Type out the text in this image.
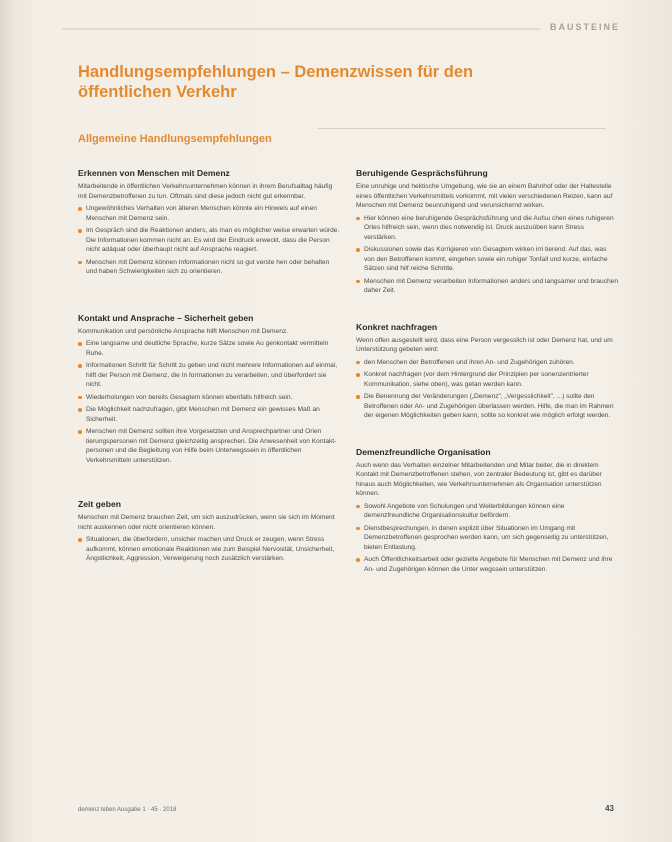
BAUSTEINE
Handlungsempfehlungen – Demenzwissen für den öffentlichen Verkehr
Allgemeine Handlungsempfehlungen
Erkennen von Menschen mit Demenz

Mitarbeitende in öffentlichen Verkehrsunternehmen können in ihrem Berufsalltag häufig mit Demenzbetroffenen zu tun. Oftmals sind diese jedoch nicht gut erkennbar.

Ungewöhnliches Verhalten von älteren Menschen könnte ein Hinweis auf einen Menschen mit Demenz sein.
Im Gespräch sind die Reaktionen anders, als man es möglicher weise erwarten würde. Die Informationen kommen nicht an. Es wird der Eindruck erweckt, dass die Person nicht adäquat oder überhaupt nicht auf Ansprache reagiert.
Menschen mit Demenz können Informationen nicht so gut verste hen oder behalten und haben Schwierigkeiten sich zu orientieren.
Kontakt und Ansprache – Sicherheit geben

Kommunikation und persönliche Ansprache hilft Menschen mit Demenz.

Eine langsame und deutliche Sprache, kurze Sätze sowie Au genkontakt vermitteln Ruhe.
Informationen Schritt für Schritt zu geben und nicht mehrere Informationen auf einmal, hilft der Person mit Demenz, die In formationen zu verarbeiten, und überfordert sie nicht.
Wiederholungen von bereits Gesagtem können ebenfalls hilfreich sein.
Die Möglichkeit nachzufragen, gibt Menschen mit Demenz ein gewisses Maß an Sicherheit.
Menschen mit Demenz sollten ihre Vorgesetzten und Ansprechpartner und Orien tierungspersonen mit Demenz gleichzeitig ansprechen. Die Anwesenheit von Kontaktpersonen und die Begleitung von Hilfe beim Unterwegssein in öffentlichen Verkehrsmitteln unterstützen.
Zeit geben

Menschen mit Demenz brauchen Zeit, um sich auszudrücken, wenn sie sich im Moment nicht auskennen oder nicht orientieren können.

Situationen, die überfordern, unsicher machen und Druck er zeugen, wenn Stress aufkommt, können emotionale Reaktionen wie zum Beispiel Nervosität, Unsicherheit, Ängstlichkeit, Aggression, Verweigerung noch zusätzlich verstärken.
Beruhigende Gesprächsführung

Eine unruhige und hektische Umgebung, wie sie an einem Bahnhof oder der Haltestelle eines öffentlichen Verkehrsmittels vorkommt, mit vielen verschiedenen Reizen, kann auf Menschen mit Demenz beunruhigend und verunsichernd wirken.

Hier können eine beruhigende Gesprächsführung und die Aufsu chen eines ruhigeren Ortes hilfreich sein, wenn dies notwendig ist. Druck auszuüben kann Stress verstärken.
Diskussionen sowie das Korrigieren von Gesagtem wirken irri tierend. Auf das, was von den Betroffenen kommt, eingehen sowie ein ruhiger Tonfall und kurze, einfache Sätzen sind hilf reiche Schritte.
Menschen mit Demenz verarbeiten Informationen anders und langsamer und brauchen daher Zeit.
Konkret nachfragen

Wenn offen ausgestellt wird, dass eine Person vergesslich ist oder Demenz hat, und um Unterstützung gebeten wird:

den Menschen der Betroffenen und ihren An- und Zugehörigen zuhören.
Konkret nachfragen (vor dem Hintergrund der Prinzipien per sonenzentrierter Kommunikation, siehe oben), was getan werden kann.
Die Benennung der Veränderungen („Demenz", „Vergesslichkeit", ...) sollte den Betroffenen oder An- und Zugehörigen überlassen werden. Hilfe, die man im Rahmen der eigenen Möglichkeiten geben kann, sollte so konkret wie möglich erfolgt werden.
Demenzfreundliche Organisation

Auch wenn das Verhalten einzelner Mitarbeitenden und Mitar beiter, die in direktem Kontakt mit Demenzbetroffenen stehen, von zentraler Bedeutung ist, gibt es darüber hinaus auch Möglichkeiten, wie Verkehrsunternehmen als Organisation unterstützen können.

Sowohl Angebote von Schulungen und Weiterbildungen können eine demenzfreundliche Organisationskultur befördern.
Dienstbesprechungen, in denen explizit über Situationen im Umgang mit Demenzbetroffenen gesprochen werden kann, um sich gegenseitig zu unterstützen, bieten Entlastung.
Auch Öffentlichkeitsarbeit oder gezielte Angebote für Menschen mit Demenz und ihre An- und Zugehörigen können die Unter wegssein unterstützen.
demenz leben Ausgabe 1 · 45 · 2018	43
